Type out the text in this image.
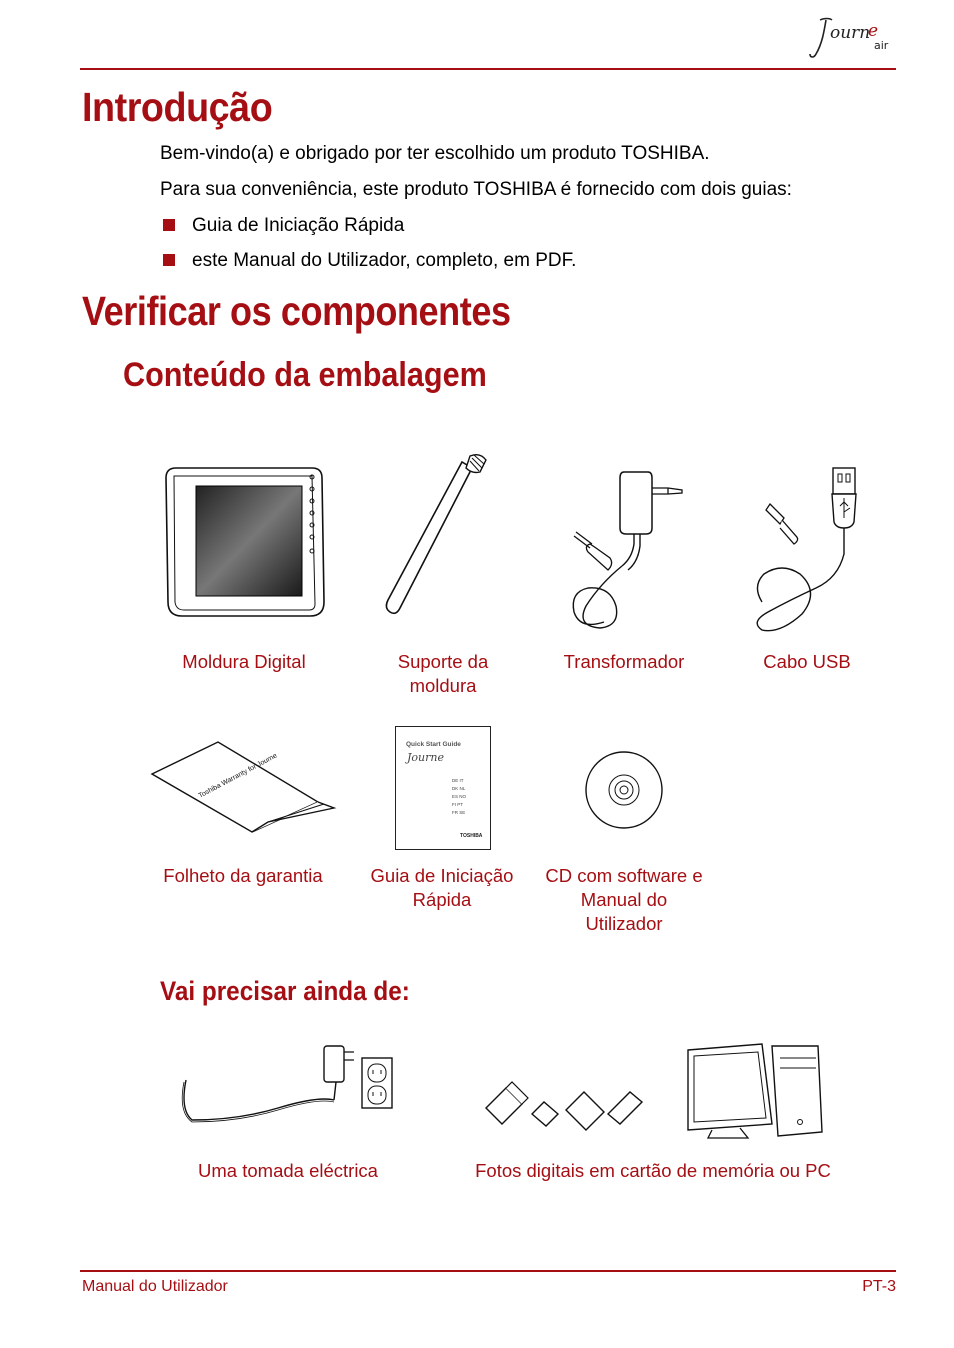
ourn
e
air
Introdução
Bem-vindo(a) e obrigado por ter escolhido um produto TOSHIBA.
Para sua conveniência, este produto TOSHIBA é fornecido com dois guias:
Guia de Iniciação Rápida
este Manual do Utilizador, completo, em PDF.
Verificar os componentes
Conteúdo da embalagem
Moldura Digital	Suporte da moldura
Transformador	Cabo USB
Toshiba Warranty for Journe
Quick Start Guide
Journe
DE IT
DK NL
ES NO
FI PT
FR SE
TOSHIBA
Folheto da garantia	Guia de Iniciação Rápida
CD com software e Manual do Utilizador
Vai precisar ainda de:
Uma tomada eléctrica	Fotos digitais em cartão de memória ou PC
Manual do Utilizador	PT-3
